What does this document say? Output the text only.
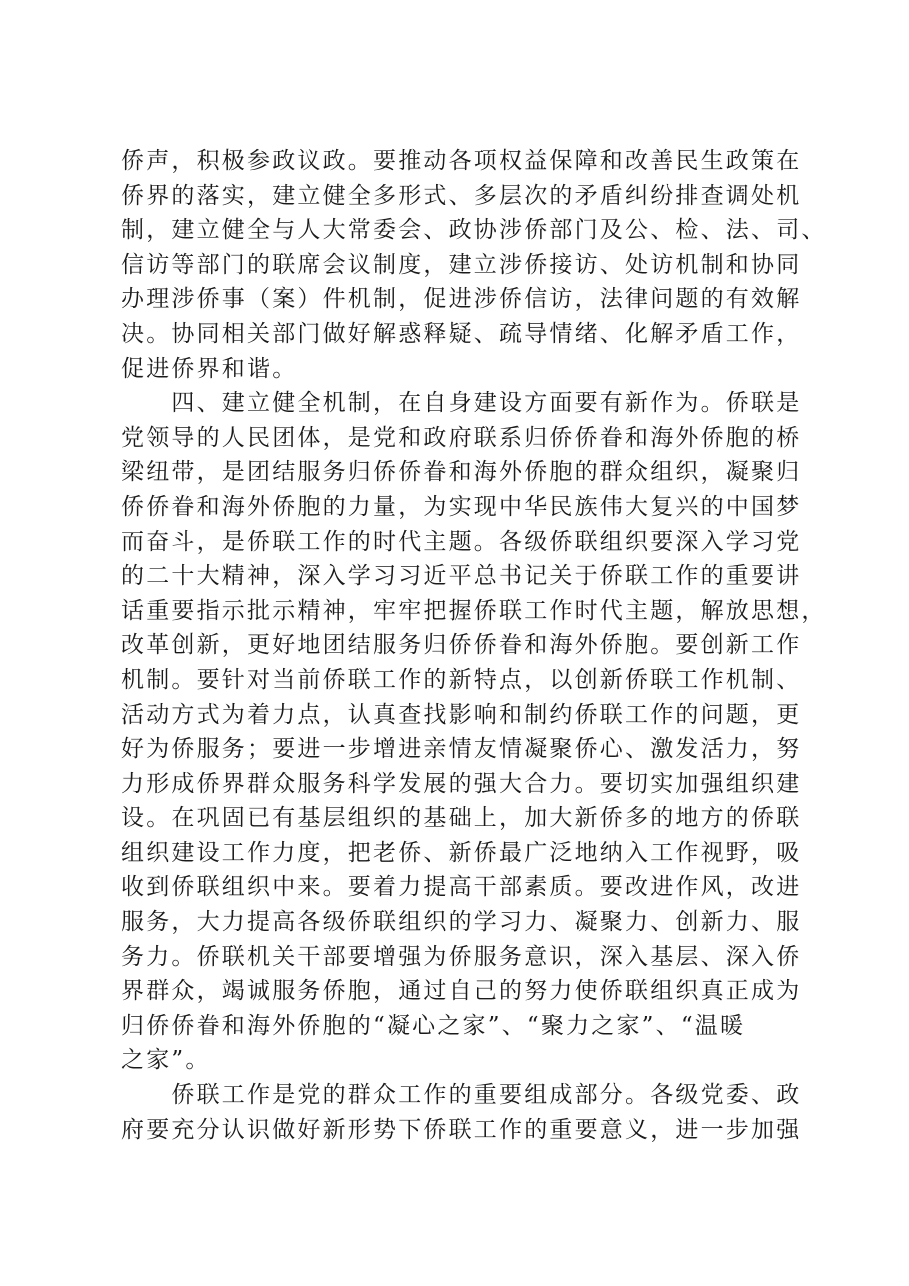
侨声，积极参政议政。要推动各项权益保障和改善民生政策在
侨界的落实，建立健全多形式、多层次的矛盾纠纷排查调处机
制，建立健全与人大常委会、政协涉侨部门及公、检、法、司、
信访等部门的联席会议制度，建立涉侨接访、处访机制和协同
办理涉侨事（案）件机制，促进涉侨信访，法律问题的有效解
决。协同相关部门做好解惑释疑、疏导情绪、化解矛盾工作，
促进侨界和谐。
　　四、建立健全机制，在自身建设方面要有新作为。侨联是
党领导的人民团体，是党和政府联系归侨侨眷和海外侨胞的桥
梁纽带，是团结服务归侨侨眷和海外侨胞的群众组织，凝聚归
侨侨眷和海外侨胞的力量，为实现中华民族伟大复兴的中国梦
而奋斗，是侨联工作的时代主题。各级侨联组织要深入学习党
的二十大精神，深入学习习近平总书记关于侨联工作的重要讲
话重要指示批示精神，牢牢把握侨联工作时代主题，解放思想，
改革创新，更好地团结服务归侨侨眷和海外侨胞。要创新工作
机制。要针对当前侨联工作的新特点，以创新侨联工作机制、
活动方式为着力点，认真查找影响和制约侨联工作的问题，更
好为侨服务；要进一步增进亲情友情凝聚侨心、激发活力，努
力形成侨界群众服务科学发展的强大合力。要切实加强组织建
设。在巩固已有基层组织的基础上，加大新侨多的地方的侨联
组织建设工作力度，把老侨、新侨最广泛地纳入工作视野，吸
收到侨联组织中来。要着力提高干部素质。要改进作风，改进
服务，大力提高各级侨联组织的学习力、凝聚力、创新力、服
务力。侨联机关干部要增强为侨服务意识，深入基层、深入侨
界群众，竭诚服务侨胞，通过自己的努力使侨联组织真正成为
归侨侨眷和海外侨胞的“凝心之家”、“聚力之家”、“温暖
之家”。
　　侨联工作是党的群众工作的重要组成部分。各级党委、政
府要充分认识做好新形势下侨联工作的重要意义，进一步加强
